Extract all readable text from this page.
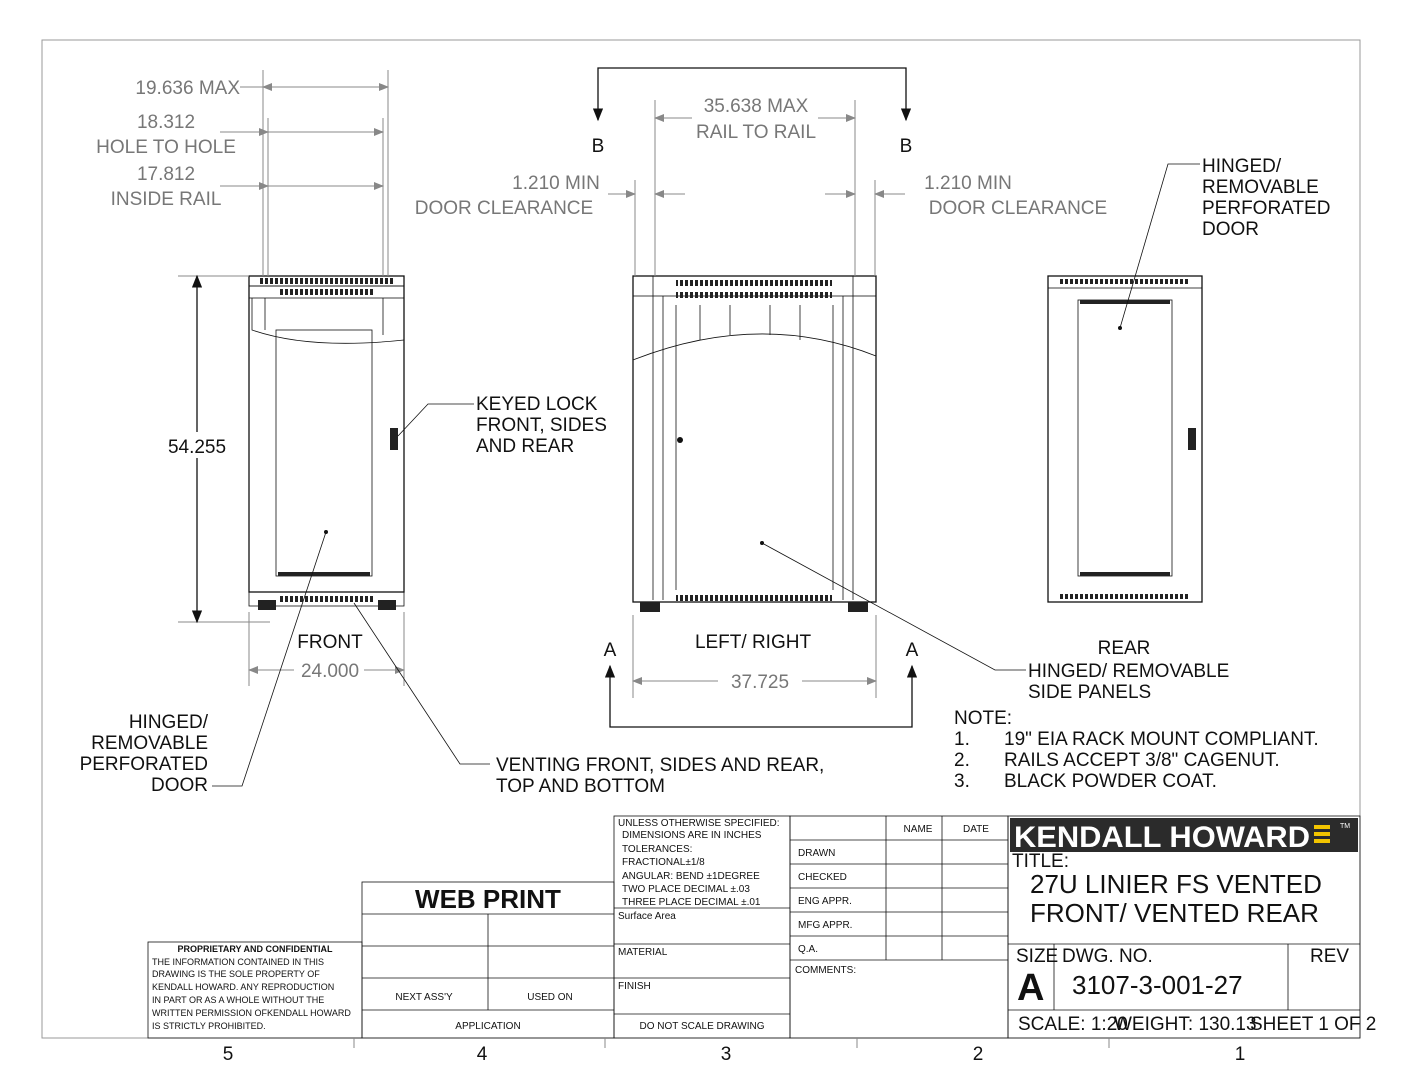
19.636 MAX
18.312
HOLE TO HOLE
17.812
INSIDE RAIL
54.255
24.000
FRONT
KEYED LOCK
FRONT, SIDES
AND REAR
HINGED/
REMOVABLE
PERFORATED
DOOR
35.638 MAX
RAIL TO RAIL
1.210 MIN
DOOR CLEARANCE
1.210 MIN
DOOR CLEARANCE
B	B
A	A
LEFT/ RIGHT
37.725
HINGED/ REMOVABLE
SIDE PANELS
VENTING FRONT, SIDES AND REAR,
TOP AND BOTTOM
REAR
HINGED/
REMOVABLE
PERFORATED
DOOR
NOTE:
1. 19" EIA RACK MOUNT COMPLIANT.
2. RAILS ACCEPT 3/8" CAGENUT.
3. BLACK POWDER COAT.
PROPRIETARY AND CONFIDENTIAL
THE INFORMATION CONTAINED IN THIS
DRAWING IS THE SOLE PROPERTY OF
KENDALL HOWARD. ANY REPRODUCTION
IN PART OR AS A WHOLE WITHOUT THE
WRITTEN PERMISSION OFKENDALL HOWARD
IS STRICTLY PROHIBITED.
WEB PRINT
NEXT ASS'Y	USED ON
APPLICATION
UNLESS OTHERWISE SPECIFIED:
DIMENSIONS ARE IN INCHES
TOLERANCES:
FRACTIONAL±1/8
ANGULAR: BEND ±1DEGREE
TWO PLACE DECIMAL ±.03
THREE PLACE DECIMAL ±.01
Surface Area
MATERIAL
FINISH
DO NOT SCALE DRAWING
NAME	DATE
DRAWN
CHECKED
ENG APPR.
MFG APPR.
Q.A.
COMMENTS:
KENDALL HOWARD	TM
TITLE:
27U LINIER FS VENTED
FRONT/ VENTED REAR
SIZE
A
DWG. NO.
3107-3-001-27
REV
SCALE: 1:20
WEIGHT: 130.13
SHEET 1 OF 2
5	4	3	2	1
